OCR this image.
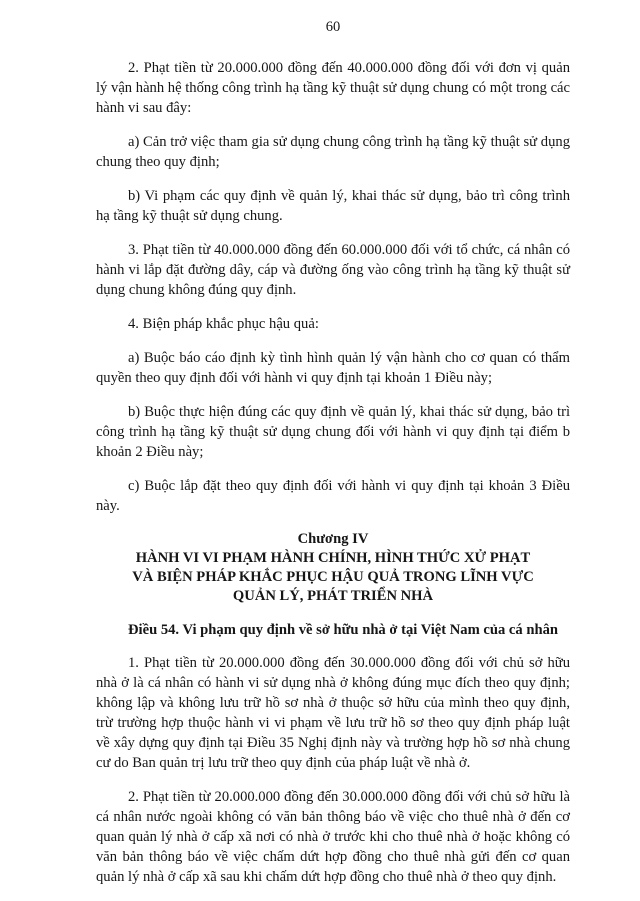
60

2. Phạt tiền từ 20.000.000 đồng đến 40.000.000 đồng đối với đơn vị quản lý vận hành hệ thống công trình hạ tầng kỹ thuật sử dụng chung có một trong các hành vi sau đây:

a) Cản trở việc tham gia sử dụng chung công trình hạ tầng kỹ thuật sử dụng chung theo quy định;

b) Vi phạm các quy định về quản lý, khai thác sử dụng, bảo trì công trình hạ tầng kỹ thuật sử dụng chung.

3. Phạt tiền từ 40.000.000 đồng đến 60.000.000 đối với tổ chức, cá nhân có hành vi lắp đặt đường dây, cáp và đường ống vào công trình hạ tầng kỹ thuật sử dụng chung không đúng quy định.

4. Biện pháp khắc phục hậu quả:

a) Buộc báo cáo định kỳ tình hình quản lý vận hành cho cơ quan có thẩm quyền theo quy định đối với hành vi quy định tại khoản 1 Điều này;

b) Buộc thực hiện đúng các quy định về quản lý, khai thác sử dụng, bảo trì công trình hạ tầng kỹ thuật sử dụng chung đối với hành vi quy định tại điểm b khoản 2 Điều này;

c) Buộc lắp đặt theo quy định đối với hành vi quy định tại khoản 3 Điều này.

Chương IV
HÀNH VI VI PHẠM HÀNH CHÍNH, HÌNH THỨC XỬ PHẠT
VÀ BIỆN PHÁP KHẮC PHỤC HẬU QUẢ TRONG LĨNH VỰC
QUẢN LÝ, PHÁT TRIỂN NHÀ

Điều 54. Vi phạm quy định về sở hữu nhà ở tại Việt Nam của cá nhân

1. Phạt tiền từ 20.000.000 đồng đến 30.000.000 đồng đối với chủ sở hữu nhà ở là cá nhân có hành vi sử dụng nhà ở không đúng mục đích theo quy định; không lập và không lưu trữ hồ sơ nhà ở thuộc sở hữu của mình theo quy định, trừ trường hợp thuộc hành vi vi phạm về lưu trữ hồ sơ theo quy định pháp luật về xây dựng quy định tại Điều 35 Nghị định này và trường hợp hồ sơ nhà chung cư do Ban quản trị lưu trữ theo quy định của pháp luật về nhà ở.

2. Phạt tiền từ 20.000.000 đồng đến 30.000.000 đồng đối với chủ sở hữu là cá nhân nước ngoài không có văn bản thông báo về việc cho thuê nhà ở đến cơ quan quản lý nhà ở cấp xã nơi có nhà ở trước khi cho thuê nhà ở hoặc không có văn bản thông báo về việc chấm dứt hợp đồng cho thuê nhà gửi đến cơ quan quản lý nhà ở cấp xã sau khi chấm dứt hợp đồng cho thuê nhà ở theo quy định.
